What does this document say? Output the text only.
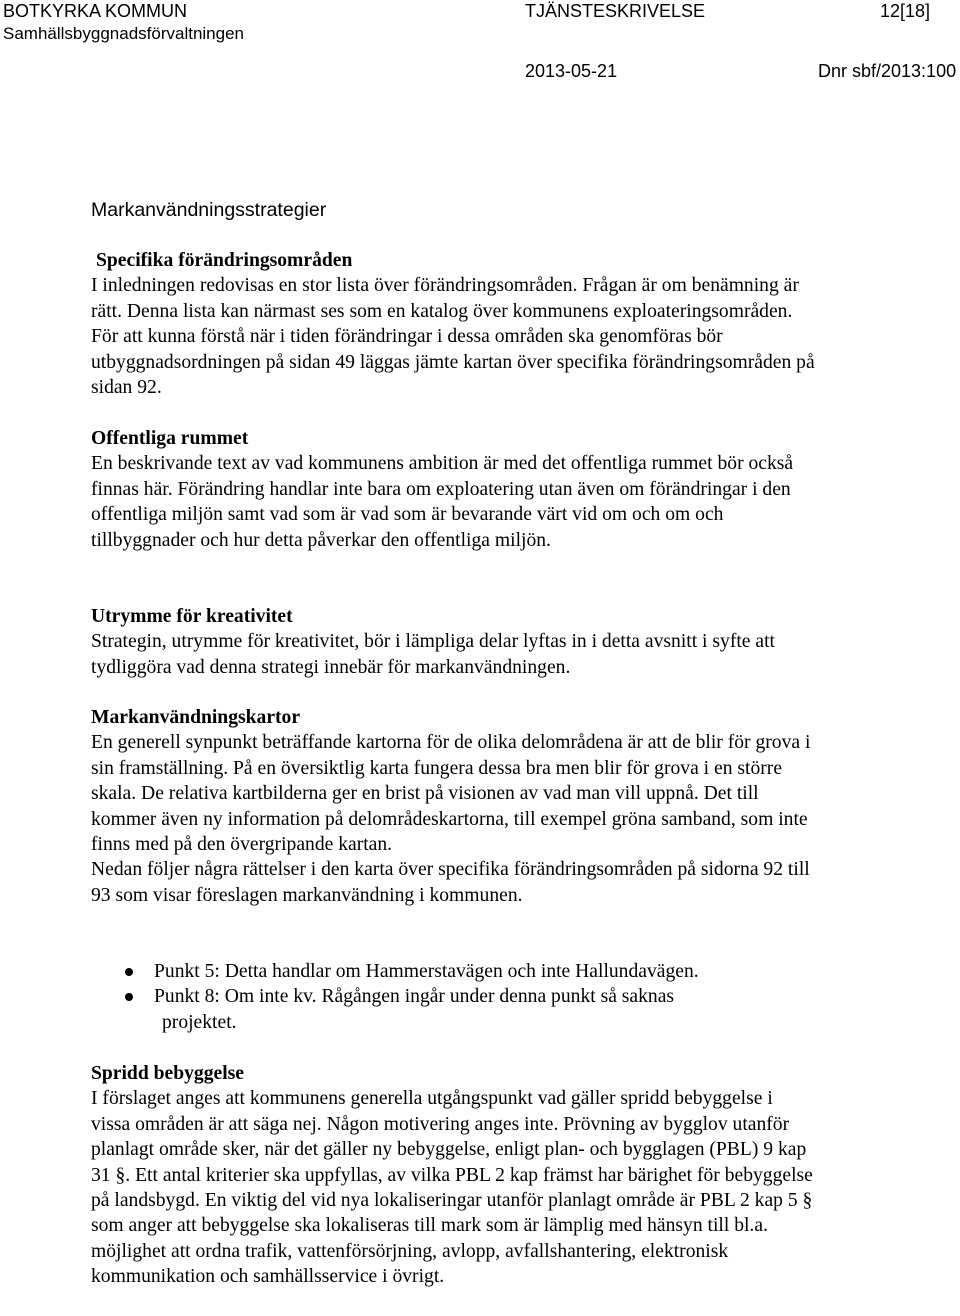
BOTKYRKA KOMMUN
Samhällsbyggnadsförvaltningen
TJÄNSTESKRIVELSE	12[18]
2013-05-21	Dnr sbf/2013:100
Markanvändningsstrategier
Specifika förändringsområden

I inledningen redovisas en stor lista över förändringsområden. Frågan är om benämning är rätt. Denna lista kan närmast ses som en katalog över kommunens exploateringsområden. För att kunna förstå när i tiden förändringar i dessa områden ska genomföras bör utbyggnadsordningen på sidan 49 läggas jämte kartan över specifika förändringsområden på sidan 92.

Offentliga rummet

En beskrivande text av vad kommunens ambition är med det offentliga rummet bör också finnas här. Förändring handlar inte bara om exploatering utan även om förändringar i den offentliga miljön samt vad som är vad som är bevarande värt vid om och om och tillbyggnader och hur detta påverkar den offentliga miljön.

Utrymme för kreativitet

Strategin, utrymme för kreativitet, bör i lämpliga delar lyftas in i detta avsnitt i syfte att tydliggöra vad denna strategi innebär för markanvändningen.

Markanvändningskartor

En generell synpunkt beträffande kartorna för de olika delområdena är att de blir för grova i sin framställning. På en översiktlig karta fungera dessa bra men blir för grova i en större skala. De relativa kartbilderna ger en brist på visionen av vad man vill uppnå. Det till kommer även ny information på delområdeskartorna, till exempel gröna samband, som inte finns med på den övergripande kartan.

Nedan följer några rättelser i den karta över specifika förändringsområden på sidorna 92 till 93 som visar föreslagen markanvändning i kommunen.

Punkt 5: Detta handlar om Hammerstavägen och inte Hallundavägen.
Punkt 8: Om inte kv. Rågången ingår under denna punkt så saknas
projektet.
Spridd bebyggelse

I förslaget anges att kommunens generella utgångspunkt vad gäller spridd bebyggelse i vissa områden är att säga nej. Någon motivering anges inte. Prövning av bygglov utanför planlagt område sker, när det gäller ny bebyggelse, enligt plan- och bygglagen (PBL) 9 kap 31 §. Ett antal kriterier ska uppfyllas, av vilka PBL 2 kap främst har bärighet för bebyggelse på landsbygd. En viktig del vid nya lokaliseringar utanför planlagt område är PBL 2 kap 5 § som anger att bebyggelse ska lokaliseras till mark som är lämplig med hänsyn till bl.a. möjlighet att ordna trafik, vattenförsörjning, avlopp, avfallshantering, elektronisk kommunikation och samhällsservice i övrigt.
